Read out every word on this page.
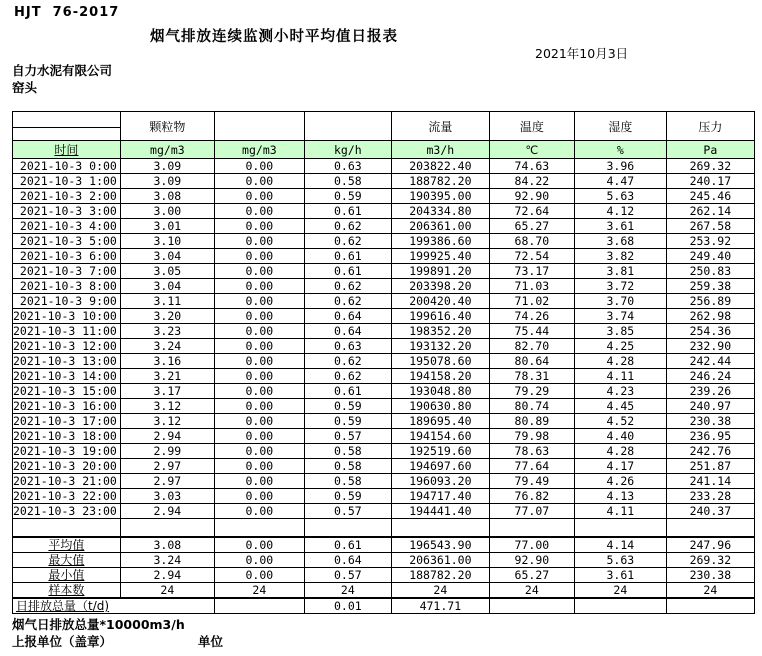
HJT  76-2017
烟气排放连续监测小时平均值日报表
2021年10月3日
自力水泥有限公司
窑头
	颗粒物			流量	温度	湿度	压力

时间	mg/m3	mg/m3	kg/h	m3/h	℃	%	Pa
2021-10-3 0:00	3.09	0.00	0.63	203822.40	74.63	3.96	269.32
2021-10-3 1:00	3.09	0.00	0.58	188782.20	84.22	4.47	240.17
2021-10-3 2:00	3.08	0.00	0.59	190395.00	92.90	5.63	245.46
2021-10-3 3:00	3.00	0.00	0.61	204334.80	72.64	4.12	262.14
2021-10-3 4:00	3.01	0.00	0.62	206361.00	65.27	3.61	267.58
2021-10-3 5:00	3.10	0.00	0.62	199386.60	68.70	3.68	253.92
2021-10-3 6:00	3.04	0.00	0.61	199925.40	72.54	3.82	249.40
2021-10-3 7:00	3.05	0.00	0.61	199891.20	73.17	3.81	250.83
2021-10-3 8:00	3.04	0.00	0.62	203398.20	71.03	3.72	259.38
2021-10-3 9:00	3.11	0.00	0.62	200420.40	71.02	3.70	256.89
2021-10-3 10:00	3.20	0.00	0.64	199616.40	74.26	3.74	262.98
2021-10-3 11:00	3.23	0.00	0.64	198352.20	75.44	3.85	254.36
2021-10-3 12:00	3.24	0.00	0.63	193132.20	82.70	4.25	232.90
2021-10-3 13:00	3.16	0.00	0.62	195078.60	80.64	4.28	242.44
2021-10-3 14:00	3.21	0.00	0.62	194158.20	78.31	4.11	246.24
2021-10-3 15:00	3.17	0.00	0.61	193048.80	79.29	4.23	239.26
2021-10-3 16:00	3.12	0.00	0.59	190630.80	80.74	4.45	240.97
2021-10-3 17:00	3.12	0.00	0.59	189695.40	80.89	4.52	230.38
2021-10-3 18:00	2.94	0.00	0.57	194154.60	79.98	4.40	236.95
2021-10-3 19:00	2.99	0.00	0.58	192519.60	78.63	4.28	242.76
2021-10-3 20:00	2.97	0.00	0.58	194697.60	77.64	4.17	251.87
2021-10-3 21:00	2.97	0.00	0.58	196093.20	79.49	4.26	241.14
2021-10-3 22:00	3.03	0.00	0.59	194717.40	76.82	4.13	233.28
2021-10-3 23:00	2.94	0.00	0.57	194441.40	77.07	4.11	240.37

平均值	3.08	0.00	0.61	196543.90	77.00	4.14	247.96
最大值	3.24	0.00	0.64	206361.00	92.90	5.63	269.32
最小值	2.94	0.00	0.57	188782.20	65.27	3.61	230.38
样本数	24	24	24	24	24	24	24
日排放总量（t/d)			0.01	471.71			
烟气日排放总量*10000m3/h
上报单位（盖章）	单位
